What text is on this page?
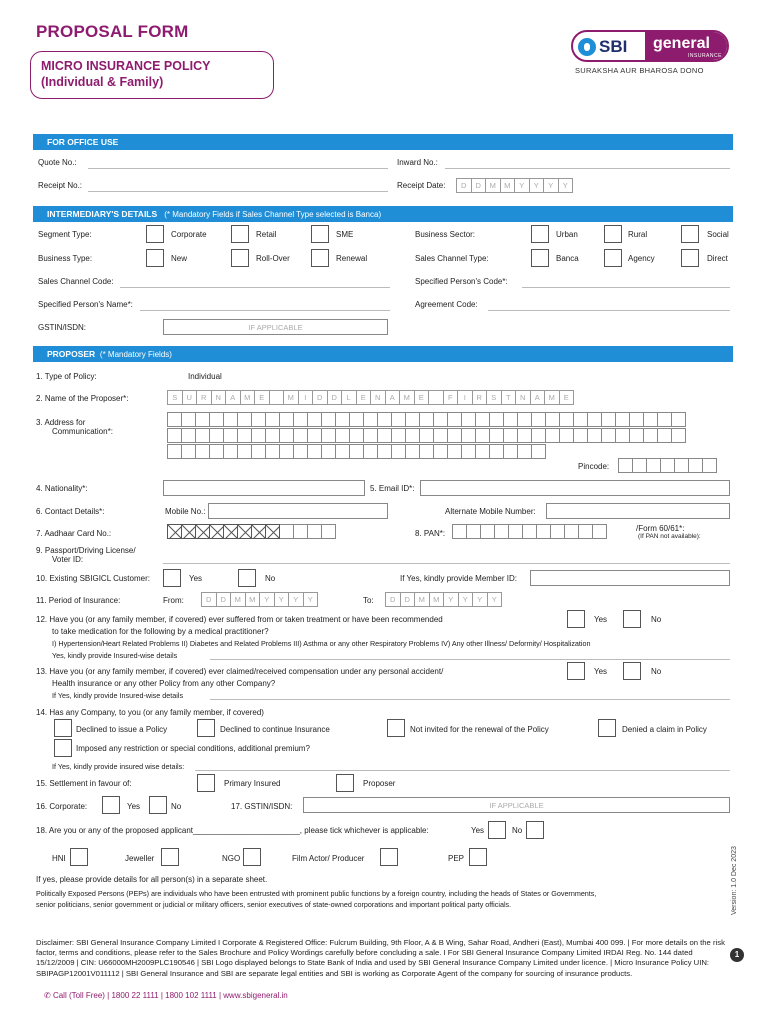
PROPOSAL FORM
MICRO INSURANCE POLICY
(Individual & Family)
SBI	general
INSURANCE
SURAKSHA AUR BHAROSA DONO
FOR OFFICE USE
Quote No.:	Inward No.:
Receipt No.:	Receipt Date:	D	D	M	M	Y	Y	Y	Y
INTERMEDIARY'S DETAILS (* Mandatory Fields if Sales Channel Type selected is Banca)
Segment Type:	Corporate	Retail	SME	Business Sector:	Urban	Rural	Social
Business Type:	New	Roll-Over	Renewal	Sales Channel Type:	Banca	Agency	Direct
Sales Channel Code:	Specified Person's Code*:
Specified Person's Name*:	Agreement Code:
GSTIN/ISDN:	IF APPLICABLE
PROPOSER (* Mandatory Fields)
1. Type of Policy:	Individual
2. Name of the Proposer*:	S	U	R	N	A	M	E	M	I	D	D	L	E	N	A	M	E	F	I	R	S	T	N	A	M	E
3. Address for
Communication*:
Pincode:
4. Nationality*:	5. Email ID*:
6. Contact Details*:	Mobile No.:	Alternate Mobile Number:
7. Aadhaar Card No.:	8. PAN*:
/Form 60/61*:
(If PAN not available):
9. Passport/Driving License/
Voter ID:
10. Existing SBIGICL Customer:	Yes	No	If Yes, kindly provide Member ID:
11. Period of Insurance:	From:	D	D	M	M	Y	Y	Y	Y	To:	D	D	M	M	Y	Y	Y	Y
12. Have you (or any family member, if covered) ever suffered from or taken treatment or have been recommended
to take medication for the following by a medical practitioner?
Yes	No
I) Hypertension/Heart Related Problems II) Diabetes and Related Problems III) Asthma or any other Respiratory Problems IV) Any other Illness/ Deformity/ Hospitalization
Yes, kindly provide Insured-wise details
13. Have you (or any family member, if covered) ever claimed/received compensation under any personal accident/
Health insurance or any other Policy from any other Company?
Yes	No
If Yes, kindly provide Insured-wise details
14. Has any Company, to you (or any family member, if covered)
Declined to issue a Policy	Declined to continue Insurance	Not invited for the renewal of the Policy	Denied a claim in Policy
Imposed any restriction or special conditions, additional premium?
If Yes, kindly provide insured wise details:
15. Settlement in favour of:	Primary Insured	Proposer
16. Corporate:	Yes	No	17. GSTIN/ISDN:	IF APPLICABLE
18. Are you or any of the proposed applicant________________________, please tick whichever is applicable:	Yes	No
HNI	Jeweller	NGO	Film Actor/ Producer	PEP
If yes, please provide details for all person(s) in a separate sheet.
Politically Exposed Persons (PEPs) are individuals who have been entrusted with prominent public functions by a foreign country, including the heads of States or Governments,
senior politicians, senior government or judicial or military officers, senior executives of state-owned corporations and important political party officials.
Disclaimer: SBI General Insurance Company Limited I Corporate & Registered Office: Fulcrum Building, 9th Floor, A & B Wing, Sahar Road, Andheri (East), Mumbai 400 099. | For more details on the risk factor, terms and conditions, please refer to the Sales Brochure and Policy Wordings carefully before concluding a sale. I For SBI General Insurance Company Limited IRDAI Reg. No. 144 dated 15/12/2009 | CIN: U66000MH2009PLC190546 | SBI Logo displayed belongs to State Bank of India and used by SBI General Insurance Company Limited under licence. | Micro Insurance Policy UIN: SBIPAGP12001V011112 | SBI General Insurance and SBI are separate legal entities and SBI is working as Corporate Agent of the company for sourcing of insurance products.
✆ Call (Toll Free) | 1800 22 1111 | 1800 102 1111 | www.sbigeneral.in
Version: 1.0 Dec 2023
1
